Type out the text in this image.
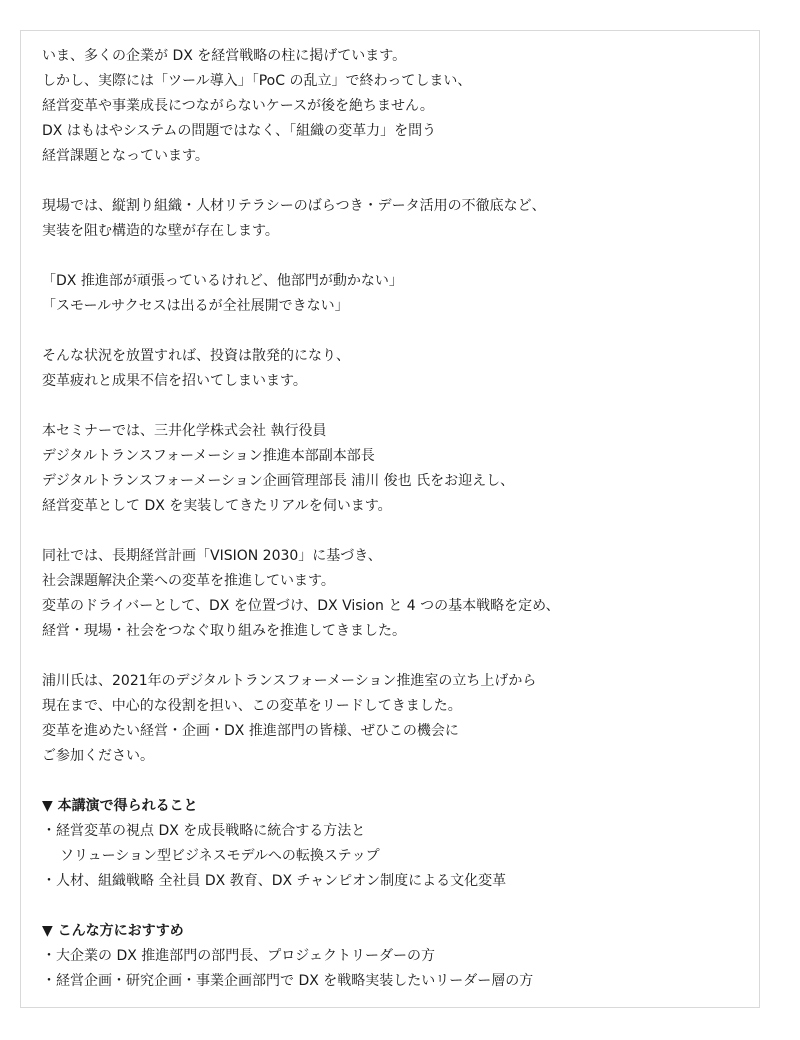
いま、多くの企業が DX を経営戦略の柱に掲げています。
しかし、実際には「ツール導入」「PoC の乱立」で終わってしまい、
経営変革や事業成長につながらないケースが後を絶ちません。
DX はもはやシステムの問題ではなく、「組織の変革力」を問う
経営課題となっています。
現場では、縦割り組織・人材リテラシーのばらつき・データ活用の不徹底など、
実装を阻む構造的な壁が存在します。
「DX 推進部が頑張っているけれど、他部門が動かない」
「スモールサクセスは出るが全社展開できない」
そんな状況を放置すれば、投資は散発的になり、
変革疲れと成果不信を招いてしまいます。
本セミナーでは、三井化学株式会社 執行役員
デジタルトランスフォーメーション推進本部副本部長
デジタルトランスフォーメーション企画管理部長 浦川 俊也 氏をお迎えし、
経営変革として DX を実装してきたリアルを伺います。
同社では、長期経営計画「VISION 2030」に基づき、
社会課題解決企業への変革を推進しています。
変革のドライバーとして、DX を位置づけ、DX Vision と 4 つの基本戦略を定め、
経営・現場・社会をつなぐ取り組みを推進してきました。
浦川氏は、2021年のデジタルトランスフォーメーション推進室の立ち上げから
現在まで、中心的な役割を担い、この変革をリードしてきました。
変革を進めたい経営・企画・DX 推進部門の皆様、ぜひこの機会に
ご参加ください。
▼ 本講演で得られること
・経営変革の視点 DX を成長戦略に統合する方法と
ソリューション型ビジネスモデルへの転換ステップ
・人材、組織戦略 全社員 DX 教育、DX チャンピオン制度による文化変革
▼ こんな方におすすめ
・大企業の DX 推進部門の部門長、プロジェクトリーダーの方
・経営企画・研究企画・事業企画部門で DX を戦略実装したいリーダー層の方
